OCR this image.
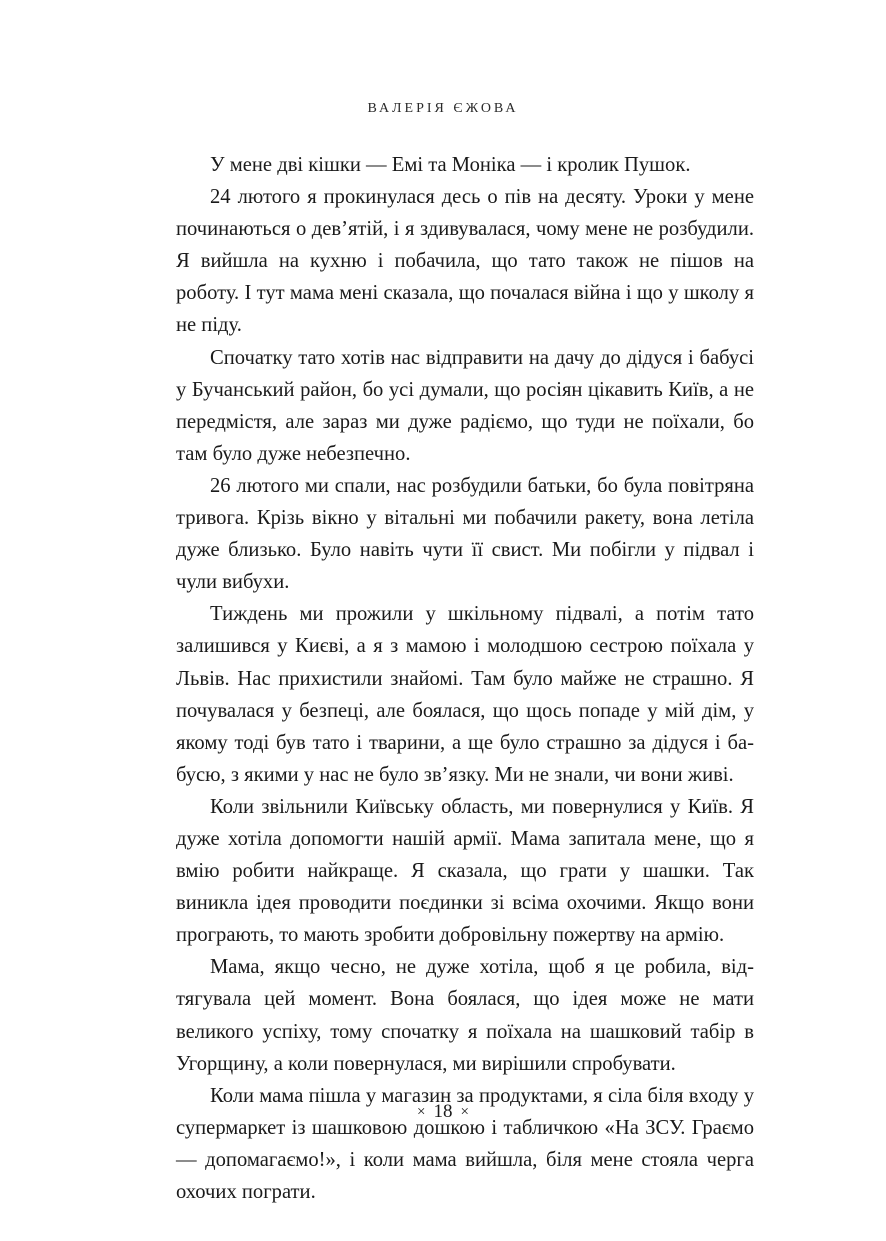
ВАЛЕРІЯ ЄЖОВА

У мене дві кішки — Емі та Моніка — і кролик Пушок.

24 лютого я прокинулася десь о пів на десяту. Уроки у мене починаються о дев’ятій, і я здивувалася, чому мене не розбудили. Я вийшла на кухню і побачила, що тато також не пішов на роботу. І тут мама мені сказала, що почалася війна і що у школу я не піду.

Спочатку тато хотів нас відправити на дачу до дідуся і бабусі у Бучанський район, бо усі думали, що росіян цікавить Київ, а не передмістя, але зараз ми дуже радіємо, що туди не поїхали, бо там було дуже небезпечно.

26 лютого ми спали, нас розбудили батьки, бо була повітряна тривога. Крізь вікно у вітальні ми побачили ракету, вона летіла дуже близько. Було навіть чути її свист. Ми побігли у підвал і чули вибухи.

Тиждень ми прожили у шкільному підвалі, а потім тато залишився у Києві, а я з мамою і молодшою сестрою поїхала у Львів. Нас прихистили знайомі. Там було майже не страшно. Я почувалася у безпеці, але боялася, що щось попаде у мій дім, у якому тоді був тато і тварини, а ще було страшно за дідуся і бабусю, з якими у нас не було зв’язку. Ми не знали, чи вони живі.

Коли звільнили Київську область, ми повернулися у Київ. Я дуже хотіла допомогти нашій армії. Мама запитала мене, що я вмію робити найкраще. Я сказала, що грати у шашки. Так виникла ідея проводити поєдинки зі всіма охочими. Якщо вони програють, то мають зробити добровільну пожертву на армію.

Мама, якщо чесно, не дуже хотіла, щоб я це робила, відтягувала цей момент. Вона боялася, що ідея може не мати великого успіху, тому спочатку я поїхала на шашковий табір в Угорщину, а коли повернулася, ми вирішили спробувати.

Коли мама пішла у магазин за продуктами, я сіла біля входу у супермаркет із шашковою дошкою і табличкою «На ЗСУ. Граємо — допомагаємо!», і коли мама вийшла, біля мене стояла черга охочих пограти.

× 18 ×
